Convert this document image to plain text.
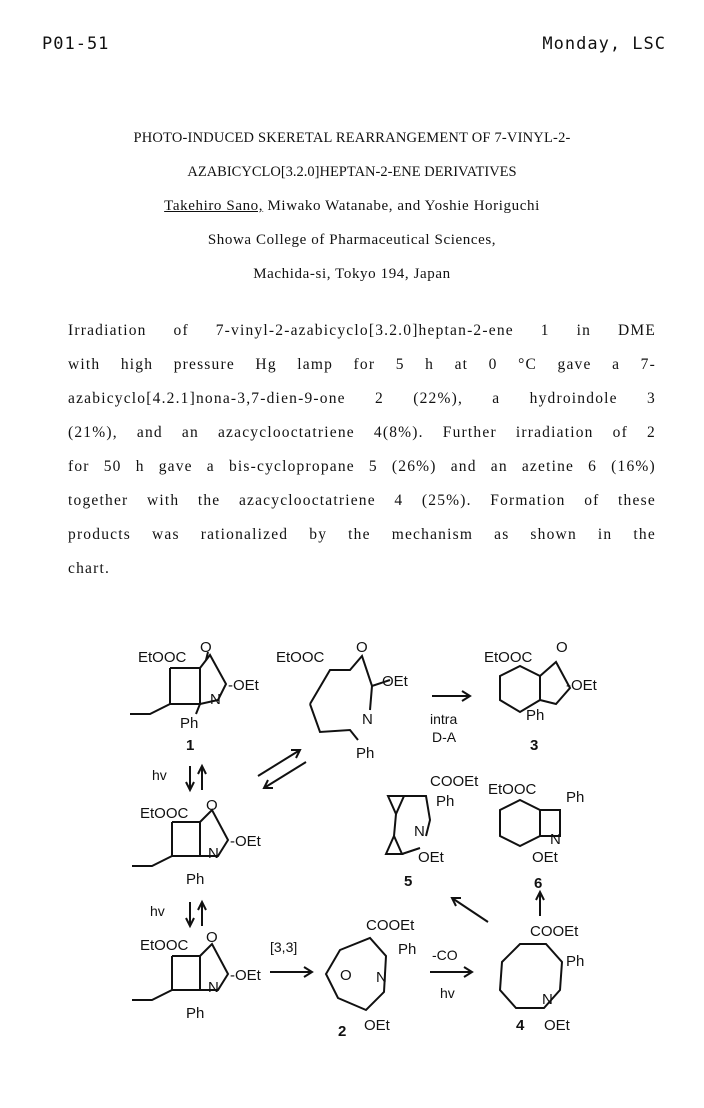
P01-51	Monday, LSC
PHOTO-INDUCED SKERETAL REARRANGEMENT OF 7-VINYL-2-
AZABICYCLO[3.2.0]HEPTAN-2-ENE DERIVATIVES
Takehiro Sano, Miwako Watanabe, and Yoshie Horiguchi
Showa College of Pharmaceutical Sciences,
Machida-si, Tokyo 194, Japan
Irradiation of 7-vinyl-2-azabicyclo[3.2.0]heptan-2-ene 1 in DME
with high pressure Hg lamp for 5 h at 0 °C gave a 7-
azabicyclo[4.2.1]nona-3,7-dien-9-one 2 (22%), a hydroindole 3
(21%), and an azacyclooctatriene 4(8%). Further irradiation of 2
for 50 h gave a bis-cyclopropane 5 (26%) and an azetine 6 (16%)
together with the azacyclooctatriene 4 (25%). Formation of these
products was rationalized by the mechanism as shown in the
chart.
EtOOC
O
N
-OEt
Ph
1
EtOOC
O
OEt
N
Ph
intra
D-A
EtOOC
O
-OEt
Ph
3
hv
EtOOC O
N
-OEt
Ph
COOEt
Ph
N
OEt
5
EtOOC Ph
N
OEt
6
hv
EtOOC O
N
-OEt
Ph
[3,3]
COOEt
Ph
O N
OEt
2
-CO
hv
COOEt
Ph
N
OEt
4
